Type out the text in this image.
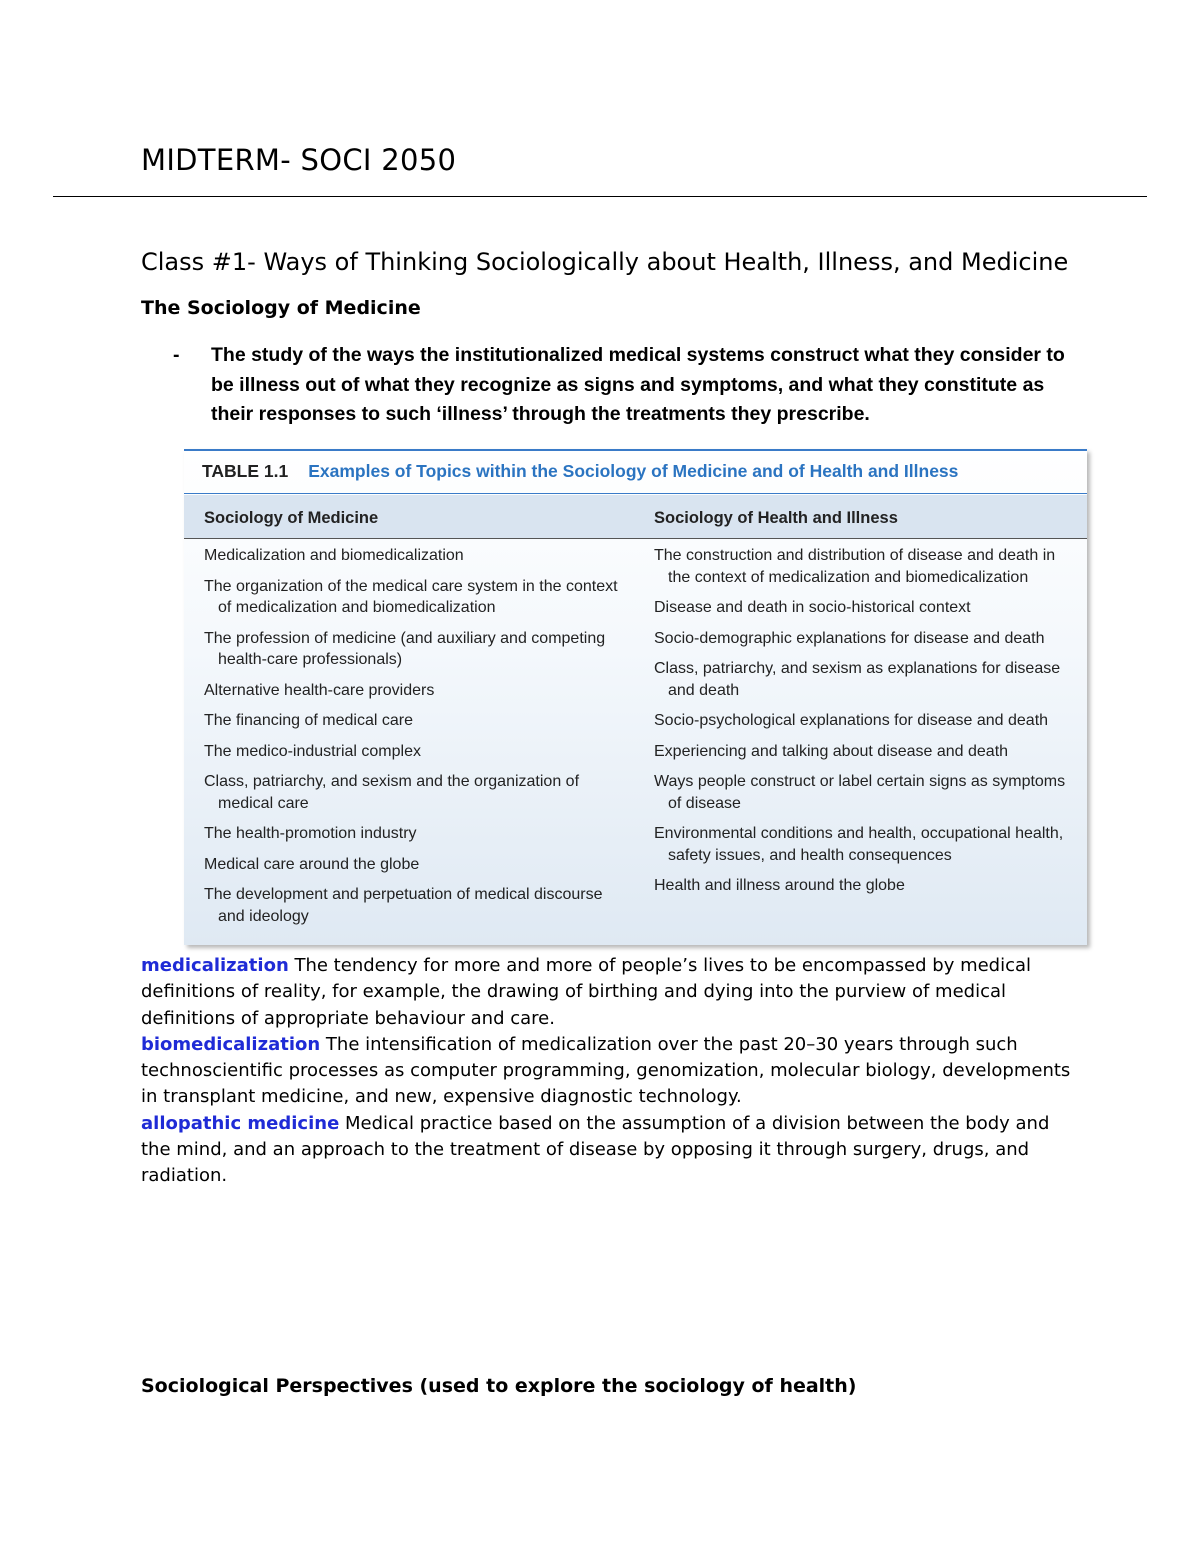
MIDTERM- SOCI 2050
Class #1- Ways of Thinking Sociologically about Health, Illness, and Medicine
The Sociology of Medicine
-	The study of the ways the institutionalized medical systems construct what they consider to be illness out of what they recognize as signs and symptoms, and what they constitute as their responses to such ‘illness’ through the treatments they prescribe.
TABLE 1.1 Examples of Topics within the Sociology of Medicine and of Health and Illness
Sociology of Medicine	Sociology of Health and Illness
Medicalization and biomedicalization
The organization of the medical care system in the context of medicalization and biomedicalization
The profession of medicine (and auxiliary and competing health-care professionals)
Alternative health-care providers
The financing of medical care
The medico-industrial complex
Class, patriarchy, and sexism and the organization of medical care
The health-promotion industry
Medical care around the globe
The development and perpetuation of medical discourse and ideology
The construction and distribution of disease and death in the context of medicalization and biomedicalization
Disease and death in socio-historical context
Socio-demographic explanations for disease and death
Class, patriarchy, and sexism as explanations for disease and death
Socio-psychological explanations for disease and death
Experiencing and talking about disease and death
Ways people construct or label certain signs as symptoms of disease
Environmental conditions and health, occupational health, safety issues, and health consequences
Health and illness around the globe
medicalization The tendency for more and more of people’s lives to be encompassed by medical definitions of reality, for example, the drawing of birthing and dying into the purview of medical definitions of appropriate behaviour and care.
biomedicalization The intensification of medicalization over the past 20–30 years through such technoscientific processes as computer programming, genomization, molecular biology, developments in transplant medicine, and new, expensive diagnostic technology.
allopathic medicine Medical practice based on the assumption of a division between the body and the mind, and an approach to the treatment of disease by opposing it through surgery, drugs, and radiation.
Sociological Perspectives (used to explore the sociology of health)
